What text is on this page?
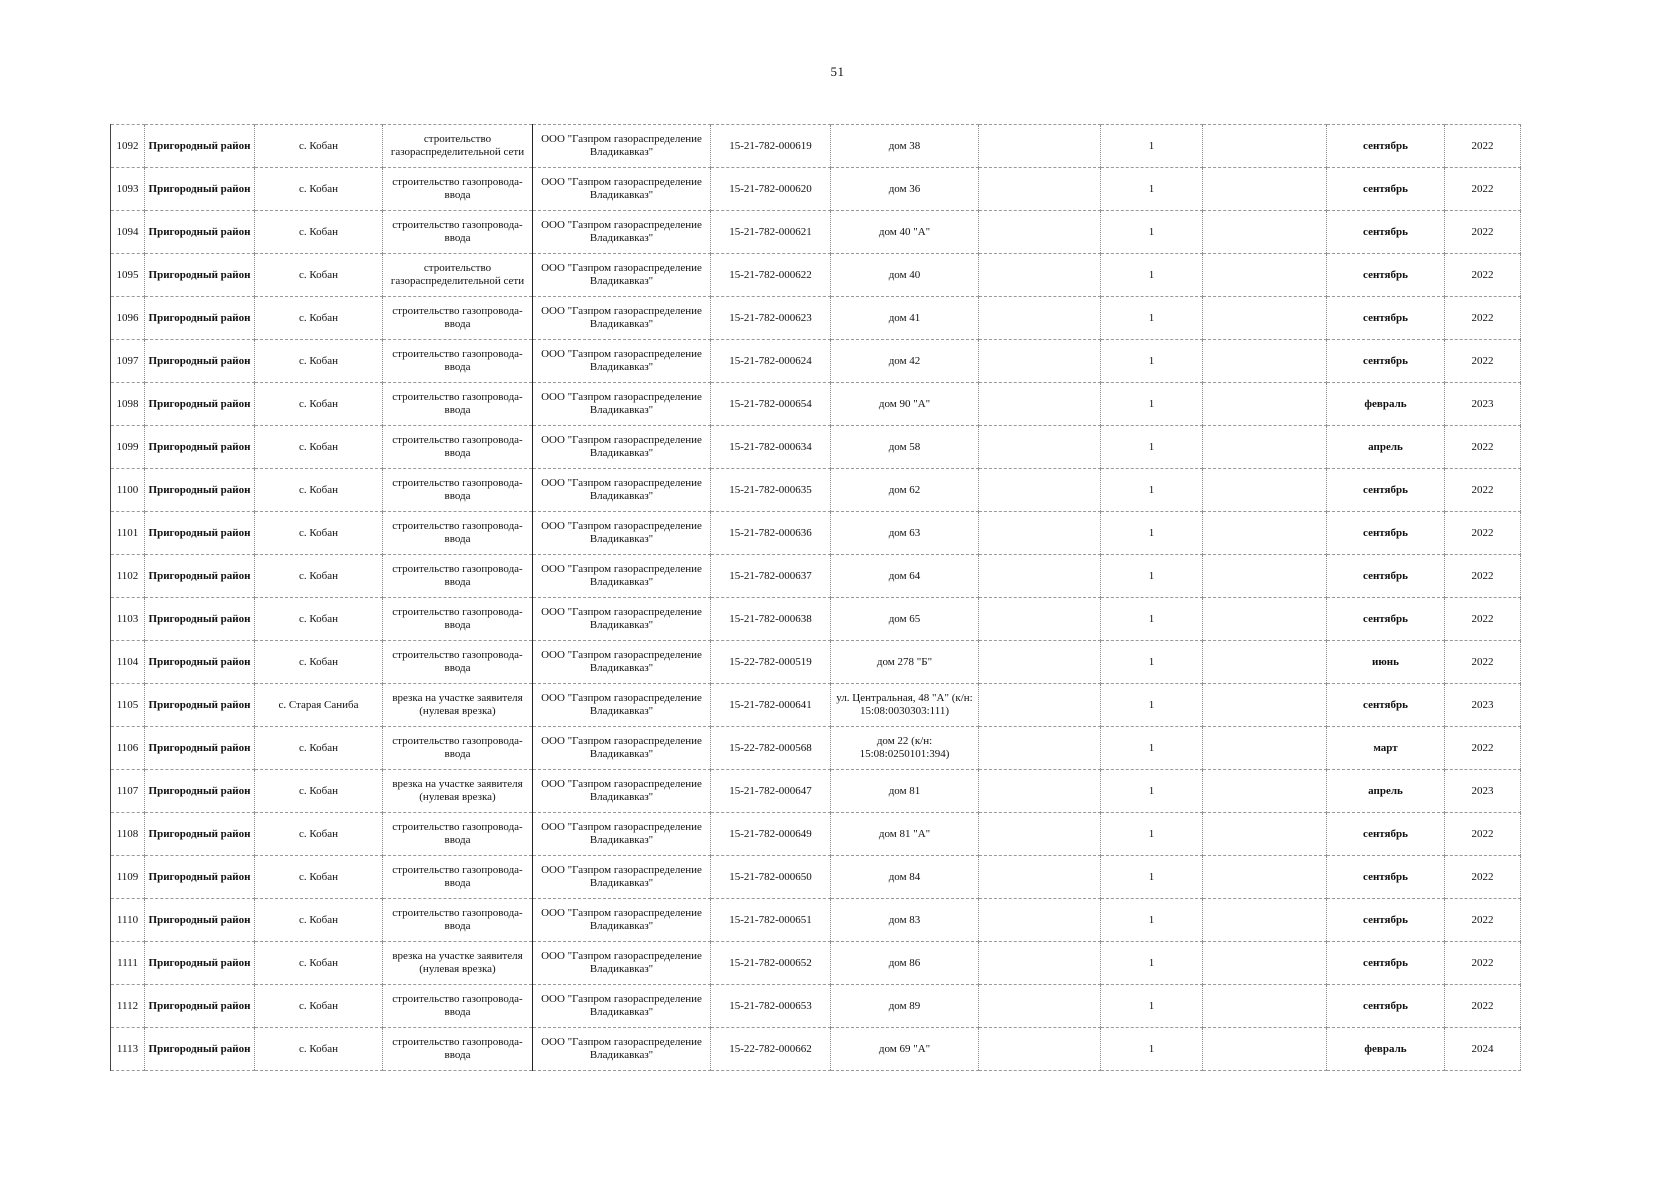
51
1092	Пригородный район	с. Кобан	строительство газораспределительной сети	ООО "Газпром газораспределение Владикавказ"	15-21-782-000619	дом 38		1		сентябрь	2022
1093	Пригородный район	с. Кобан	строительство газопровода-ввода	ООО "Газпром газораспределение Владикавказ"	15-21-782-000620	дом 36		1		сентябрь	2022
1094	Пригородный район	с. Кобан	строительство газопровода-ввода	ООО "Газпром газораспределение Владикавказ"	15-21-782-000621	дом 40 "А"		1		сентябрь	2022
1095	Пригородный район	с. Кобан	строительство газораспределительной сети	ООО "Газпром газораспределение Владикавказ"	15-21-782-000622	дом 40		1		сентябрь	2022
1096	Пригородный район	с. Кобан	строительство газопровода-ввода	ООО "Газпром газораспределение Владикавказ"	15-21-782-000623	дом 41		1		сентябрь	2022
1097	Пригородный район	с. Кобан	строительство газопровода-ввода	ООО "Газпром газораспределение Владикавказ"	15-21-782-000624	дом 42		1		сентябрь	2022
1098	Пригородный район	с. Кобан	строительство газопровода-ввода	ООО "Газпром газораспределение Владикавказ"	15-21-782-000654	дом 90 "А"		1		февраль	2023
1099	Пригородный район	с. Кобан	строительство газопровода-ввода	ООО "Газпром газораспределение Владикавказ"	15-21-782-000634	дом 58		1		апрель	2022
1100	Пригородный район	с. Кобан	строительство газопровода-ввода	ООО "Газпром газораспределение Владикавказ"	15-21-782-000635	дом 62		1		сентябрь	2022
1101	Пригородный район	с. Кобан	строительство газопровода-ввода	ООО "Газпром газораспределение Владикавказ"	15-21-782-000636	дом 63		1		сентябрь	2022
1102	Пригородный район	с. Кобан	строительство газопровода-ввода	ООО "Газпром газораспределение Владикавказ"	15-21-782-000637	дом 64		1		сентябрь	2022
1103	Пригородный район	с. Кобан	строительство газопровода-ввода	ООО "Газпром газораспределение Владикавказ"	15-21-782-000638	дом 65		1		сентябрь	2022
1104	Пригородный район	с. Кобан	строительство газопровода-ввода	ООО "Газпром газораспределение Владикавказ"	15-22-782-000519	дом 278 "Б"		1		июнь	2022
1105	Пригородный район	с. Старая Саниба	врезка на участке заявителя (нулевая врезка)	ООО "Газпром газораспределение Владикавказ"	15-21-782-000641	ул. Центральная, 48 "А" (к/н: 15:08:0030303:111)		1		сентябрь	2023
1106	Пригородный район	с. Кобан	строительство газопровода-ввода	ООО "Газпром газораспределение Владикавказ"	15-22-782-000568	дом 22 (к/н: 15:08:0250101:394)		1		март	2022
1107	Пригородный район	с. Кобан	врезка на участке заявителя (нулевая врезка)	ООО "Газпром газораспределение Владикавказ"	15-21-782-000647	дом 81		1		апрель	2023
1108	Пригородный район	с. Кобан	строительство газопровода-ввода	ООО "Газпром газораспределение Владикавказ"	15-21-782-000649	дом 81 "А"		1		сентябрь	2022
1109	Пригородный район	с. Кобан	строительство газопровода-ввода	ООО "Газпром газораспределение Владикавказ"	15-21-782-000650	дом 84		1		сентябрь	2022
1110	Пригородный район	с. Кобан	строительство газопровода-ввода	ООО "Газпром газораспределение Владикавказ"	15-21-782-000651	дом 83		1		сентябрь	2022
1111	Пригородный район	с. Кобан	врезка на участке заявителя (нулевая врезка)	ООО "Газпром газораспределение Владикавказ"	15-21-782-000652	дом 86		1		сентябрь	2022
1112	Пригородный район	с. Кобан	строительство газопровода-ввода	ООО "Газпром газораспределение Владикавказ"	15-21-782-000653	дом 89		1		сентябрь	2022
1113	Пригородный район	с. Кобан	строительство газопровода-ввода	ООО "Газпром газораспределение Владикавказ"	15-22-782-000662	дом 69 "А"		1		февраль	2024
